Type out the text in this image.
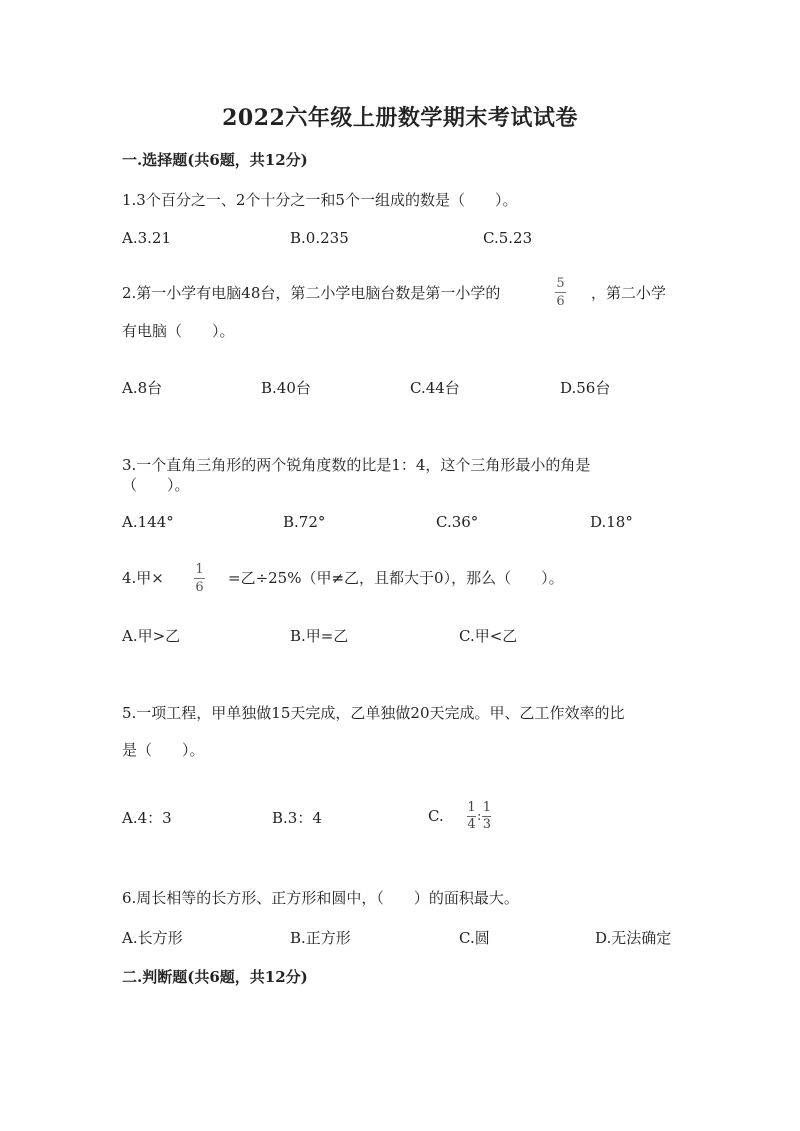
2022六年级上册数学期末考试试卷
一.选择题(共6题，共12分)
1.3个百分之一、2个十分之一和5个一组成的数是（　　）。
A.3.21	B.0.235	C.5.23
2.第一小学有电脑48台，第二小学电脑台数是第一小学的
5
6 ，第二小学
有电脑（　　）。
A.8台	B.40台	C.44台	D.56台
3.一个直角三角形的两个锐角度数的比是1：4，这个三角形最小的角是
（　　）。
A.144°	B.72°	C.36°	D.18°
4.甲× 1
6
=乙÷25%（甲≠乙，且都大于0），那么（　　）。
A.甲>乙	B.甲=乙	C.甲<乙
5.一项工程，甲单独做15天完成，乙单独做20天完成。甲、乙工作效率的比
是（　　）。
A.4：3	B.3：4	C. 1
4
:
1
3
6.周长相等的长方形、正方形和圆中，（　　）的面积最大。
A.长方形	B.正方形	C.圆	D.无法确定
二.判断题(共6题，共12分)
